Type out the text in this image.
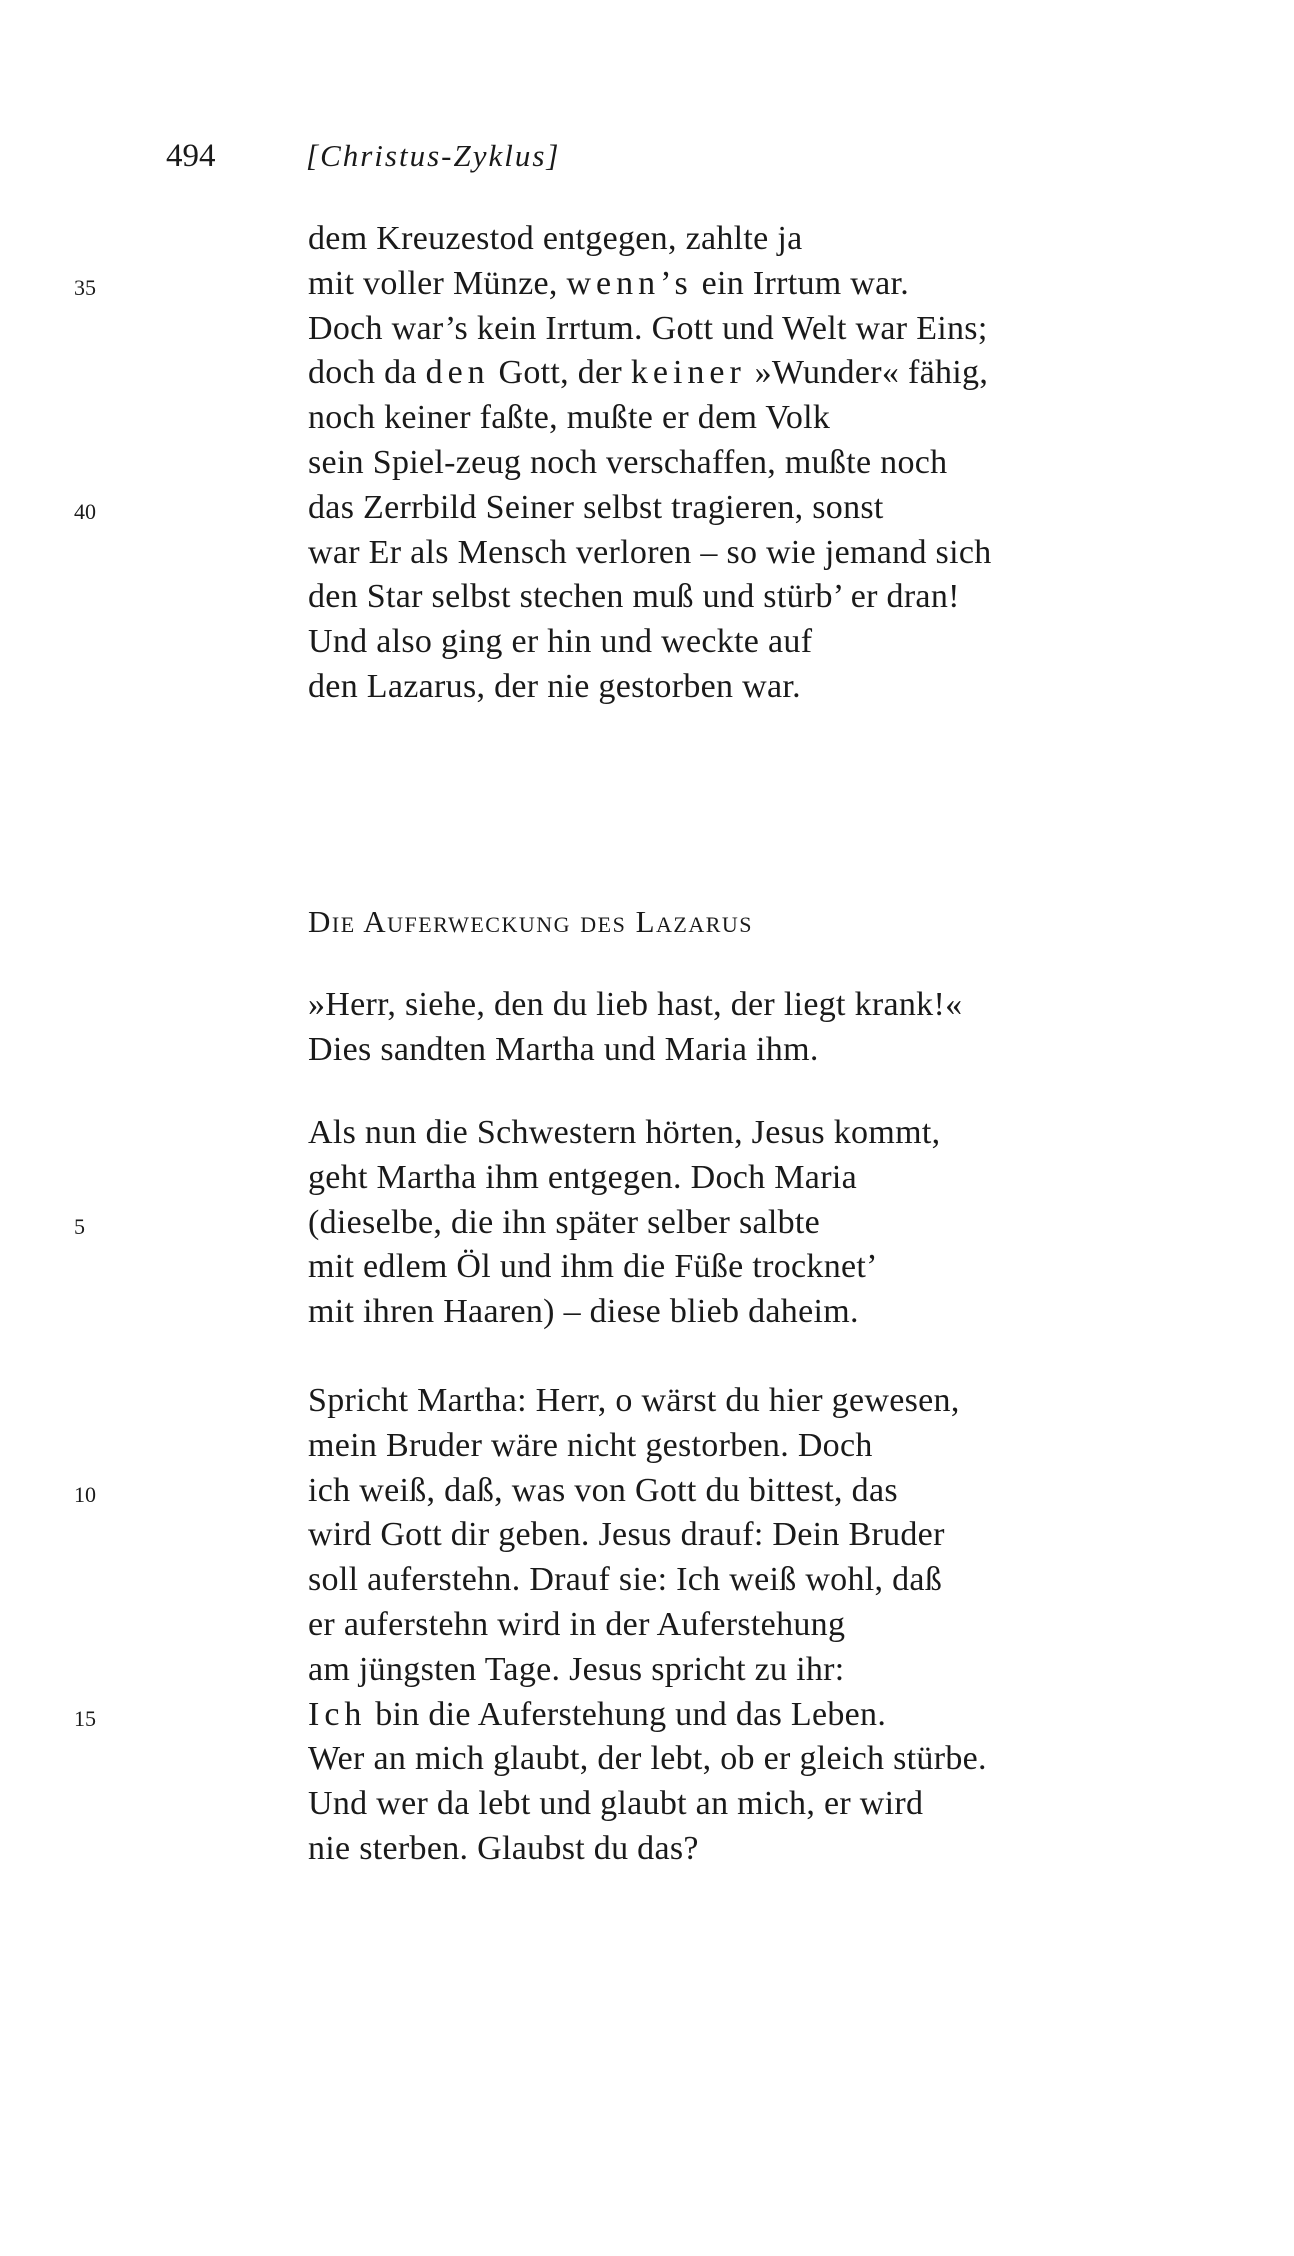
494	[Christus-Zyklus]
dem Kreuzestod entgegen, zahlte ja
35	mit voller Münze, wenn’s ein Irrtum war.
Doch war’s kein Irrtum. Gott und Welt war Eins;
doch da den Gott, der keiner »Wunder« fähig,
noch keiner faßte, mußte er dem Volk
sein Spiel-zeug noch verschaffen, mußte noch
40	das Zerrbild Seiner selbst tragieren, sonst
war Er als Mensch verloren – so wie jemand sich
den Star selbst stechen muß und stürb’ er dran!
Und also ging er hin und weckte auf
den Lazarus, der nie gestorben war.
Die Auferweckung des Lazarus
»Herr, siehe, den du lieb hast, der liegt krank!«
Dies sandten Martha und Maria ihm.
Als nun die Schwestern hörten, Jesus kommt,
geht Martha ihm entgegen. Doch Maria
5	(dieselbe, die ihn später selber salbte
mit edlem Öl und ihm die Füße trocknet’
mit ihren Haaren) – diese blieb daheim.
Spricht Martha: Herr, o wärst du hier gewesen,
mein Bruder wäre nicht gestorben. Doch
10	ich weiß, daß, was von Gott du bittest, das
wird Gott dir geben. Jesus drauf: Dein Bruder
soll auferstehn. Drauf sie: Ich weiß wohl, daß
er auferstehn wird in der Auferstehung
am jüngsten Tage. Jesus spricht zu ihr:
15	Ich bin die Auferstehung und das Leben.
Wer an mich glaubt, der lebt, ob er gleich stürbe.
Und wer da lebt und glaubt an mich, er wird
nie sterben. Glaubst du das?
